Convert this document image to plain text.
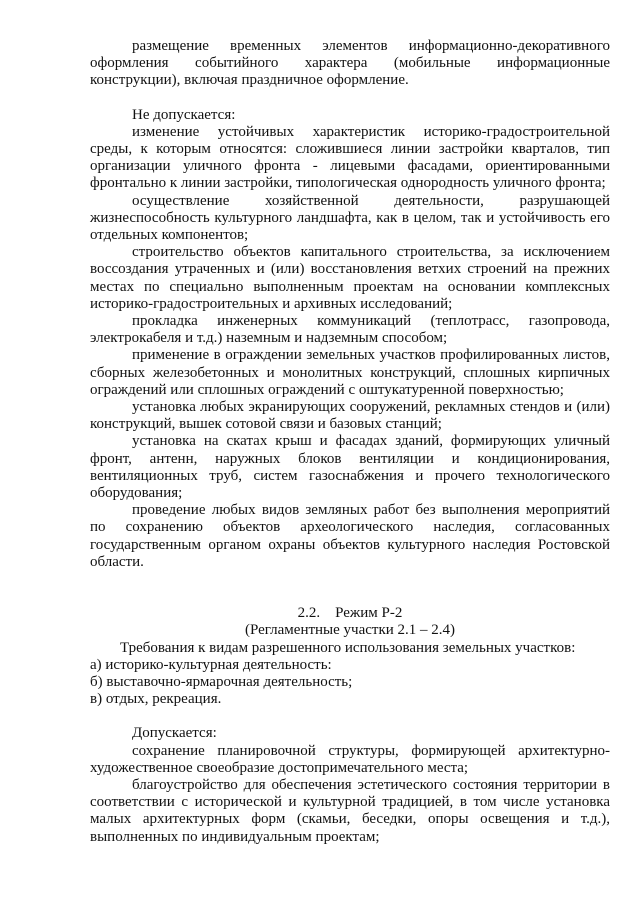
размещение временных элементов информационно-декоративного оформления событийного характера (мобильные информационные конструкции), включая праздничное оформление.

Не допускается:

изменение устойчивых характеристик историко-градостроительной среды, к которым относятся: сложившиеся линии застройки кварталов, тип организации уличного фронта - лицевыми фасадами, ориентированными фронтально к линии застройки, типологическая однородность уличного фронта;

осуществление хозяйственной деятельности, разрушающей жизнеспособность культурного ландшафта, как в целом, так и устойчивость его отдельных компонентов;

строительство объектов капитального строительства, за исключением воссоздания утраченных и (или) восстановления ветхих строений на прежних местах по специально выполненным проектам на основании комплексных историко-градостроительных и архивных исследований;

прокладка инженерных коммуникаций (теплотрасс, газопровода, электрокабеля и т.д.) наземным и надземным способом;

применение в ограждении земельных участков профилированных листов, сборных железобетонных и монолитных конструкций, сплошных кирпичных ограждений или сплошных ограждений с оштукатуренной поверхностью;

установка любых экранирующих сооружений, рекламных стендов и (или) конструкций, вышек сотовой связи и базовых станций;

установка на скатах крыш и фасадах зданий, формирующих уличный фронт, антенн, наружных блоков вентиляции и кондиционирования, вентиляционных труб, систем газоснабжения и прочего технологического оборудования;

проведение любых видов земляных работ без выполнения мероприятий по сохранению объектов археологического наследия, согласованных государственным органом охраны объектов культурного наследия Ростовской области.

2.2. Режим Р-2

(Регламентные участки 2.1 – 2.4)

Требования к видам разрешенного использования земельных участков:

а) историко-культурная деятельность:

б) выставочно-ярмарочная деятельность;

в) отдых, рекреация.

Допускается:

сохранение планировочной структуры, формирующей архитектурно-художественное своеобразие достопримечательного места;

благоустройство для обеспечения эстетического состояния территории в соответствии с исторической и культурной традицией, в том числе установка малых архитектурных форм (скамьи, беседки, опоры освещения и т.д.), выполненных по индивидуальным проектам;
